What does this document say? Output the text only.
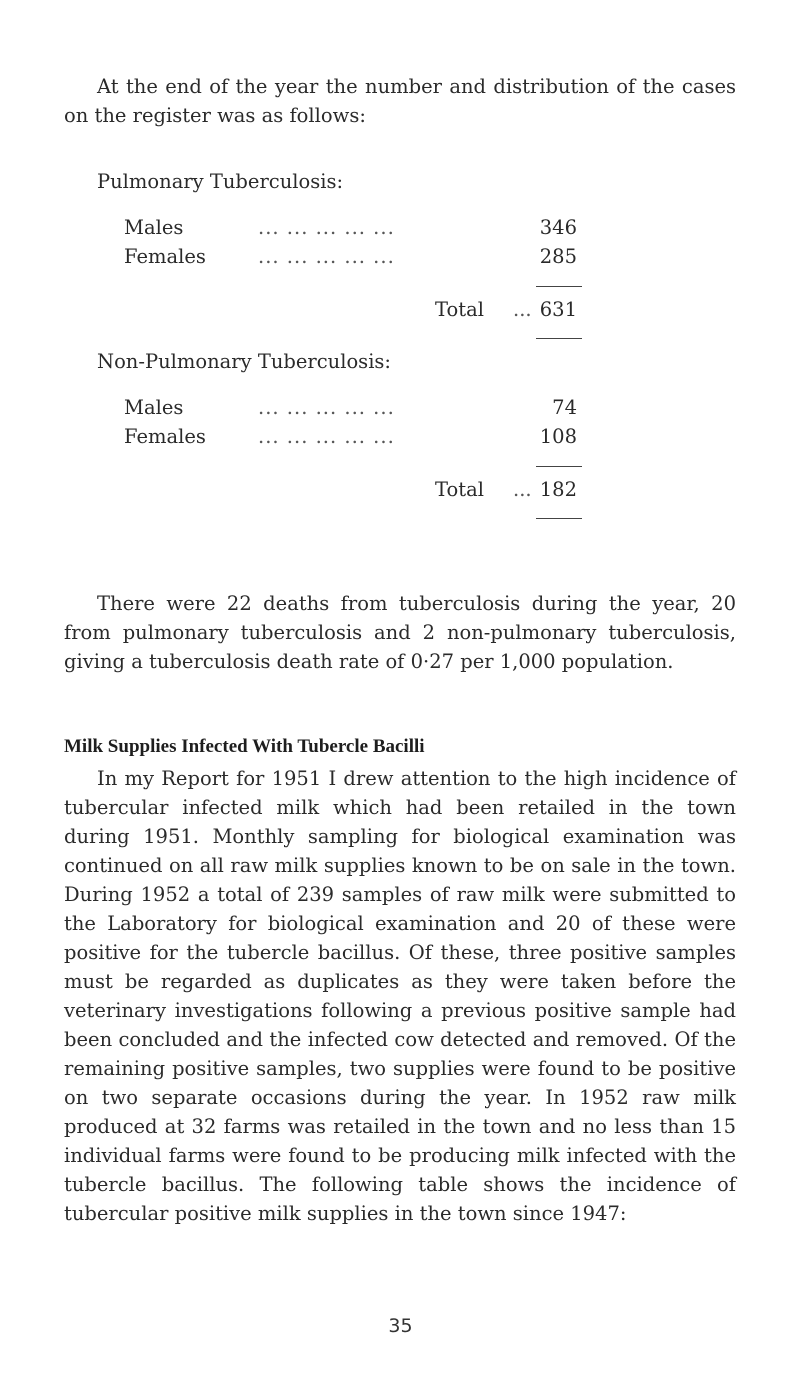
At the end of the year the number and distribution of the cases on the register was as follows:

Pulmonary Tuberculosis:
Males	... ... ... ... ...	346
Females	... ... ... ... ...	285
Total ... 631
Non-Pulmonary Tuberculosis:
Males	... ... ... ... ...	74
Females	... ... ... ... ...	108
Total ... 182

There were 22 deaths from tuberculosis during the year, 20 from pulmonary tuberculosis and 2 non-pulmonary tuberculosis, giving a tuberculosis death rate of 0·27 per 1,000 population.

Milk Supplies Infected With Tubercle Bacilli

In my Report for 1951 I drew attention to the high incidence of tubercular infected milk which had been retailed in the town during 1951. Monthly sampling for biological examination was continued on all raw milk supplies known to be on sale in the town. During 1952 a total of 239 samples of raw milk were submitted to the Laboratory for biological examination and 20 of these were positive for the tubercle bacillus. Of these, three positive samples must be regarded as duplicates as they were taken before the veterinary investigations following a previous positive sample had been concluded and the infected cow detected and removed. Of the remaining positive samples, two supplies were found to be positive on two separate occasions during the year. In 1952 raw milk produced at 32 farms was retailed in the town and no less than 15 individual farms were found to be producing milk infected with the tubercle bacillus. The following table shows the incidence of tubercular positive milk supplies in the town since 1947:

35
